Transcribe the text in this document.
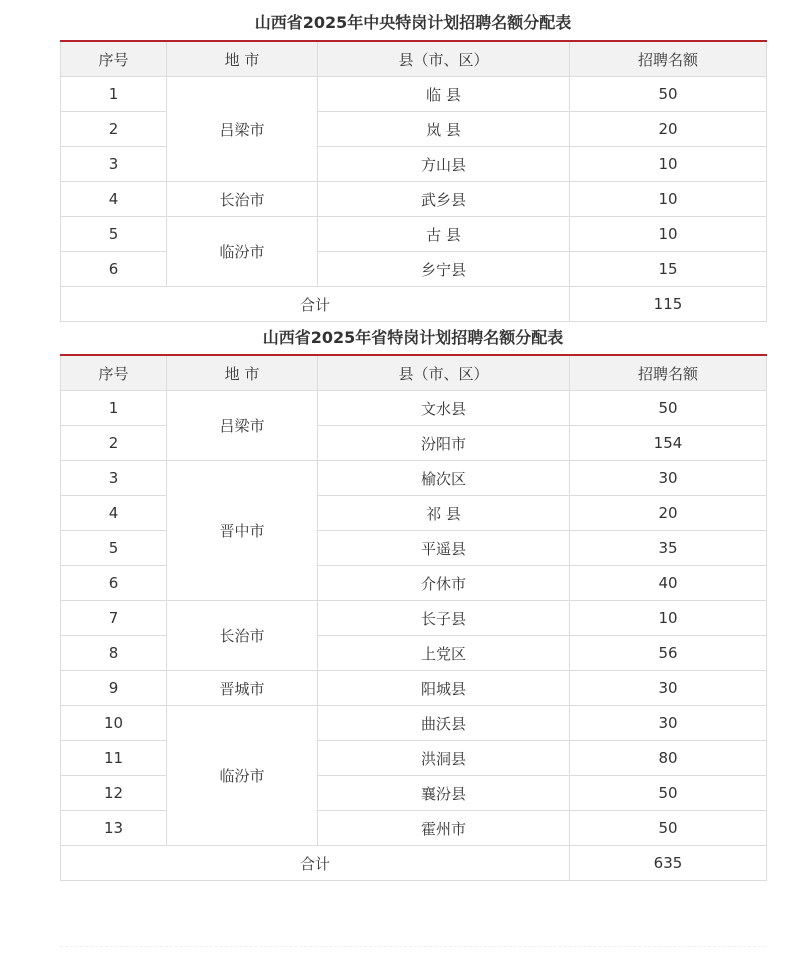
山西省2025年中央特岗计划招聘名额分配表
序号	地 市	县（市、区）	招聘名额
1	吕梁市	临 县	50
2		岚 县	20
3		方山县	10
4	长治市	武乡县	10
5	临汾市	古 县	10
6		乡宁县	15
合计			115
山西省2025年省特岗计划招聘名额分配表
序号	地 市	县（市、区）	招聘名额
1	吕梁市	文水县	50
2		汾阳市	154
3	晋中市	榆次区	30
4		祁 县	20
5		平遥县	35
6		介休市	40
7	长治市	长子县	10
8		上党区	56
9	晋城市	阳城县	30
10	临汾市	曲沃县	30
11		洪洞县	80
12		襄汾县	50
13		霍州市	50
合计			635
